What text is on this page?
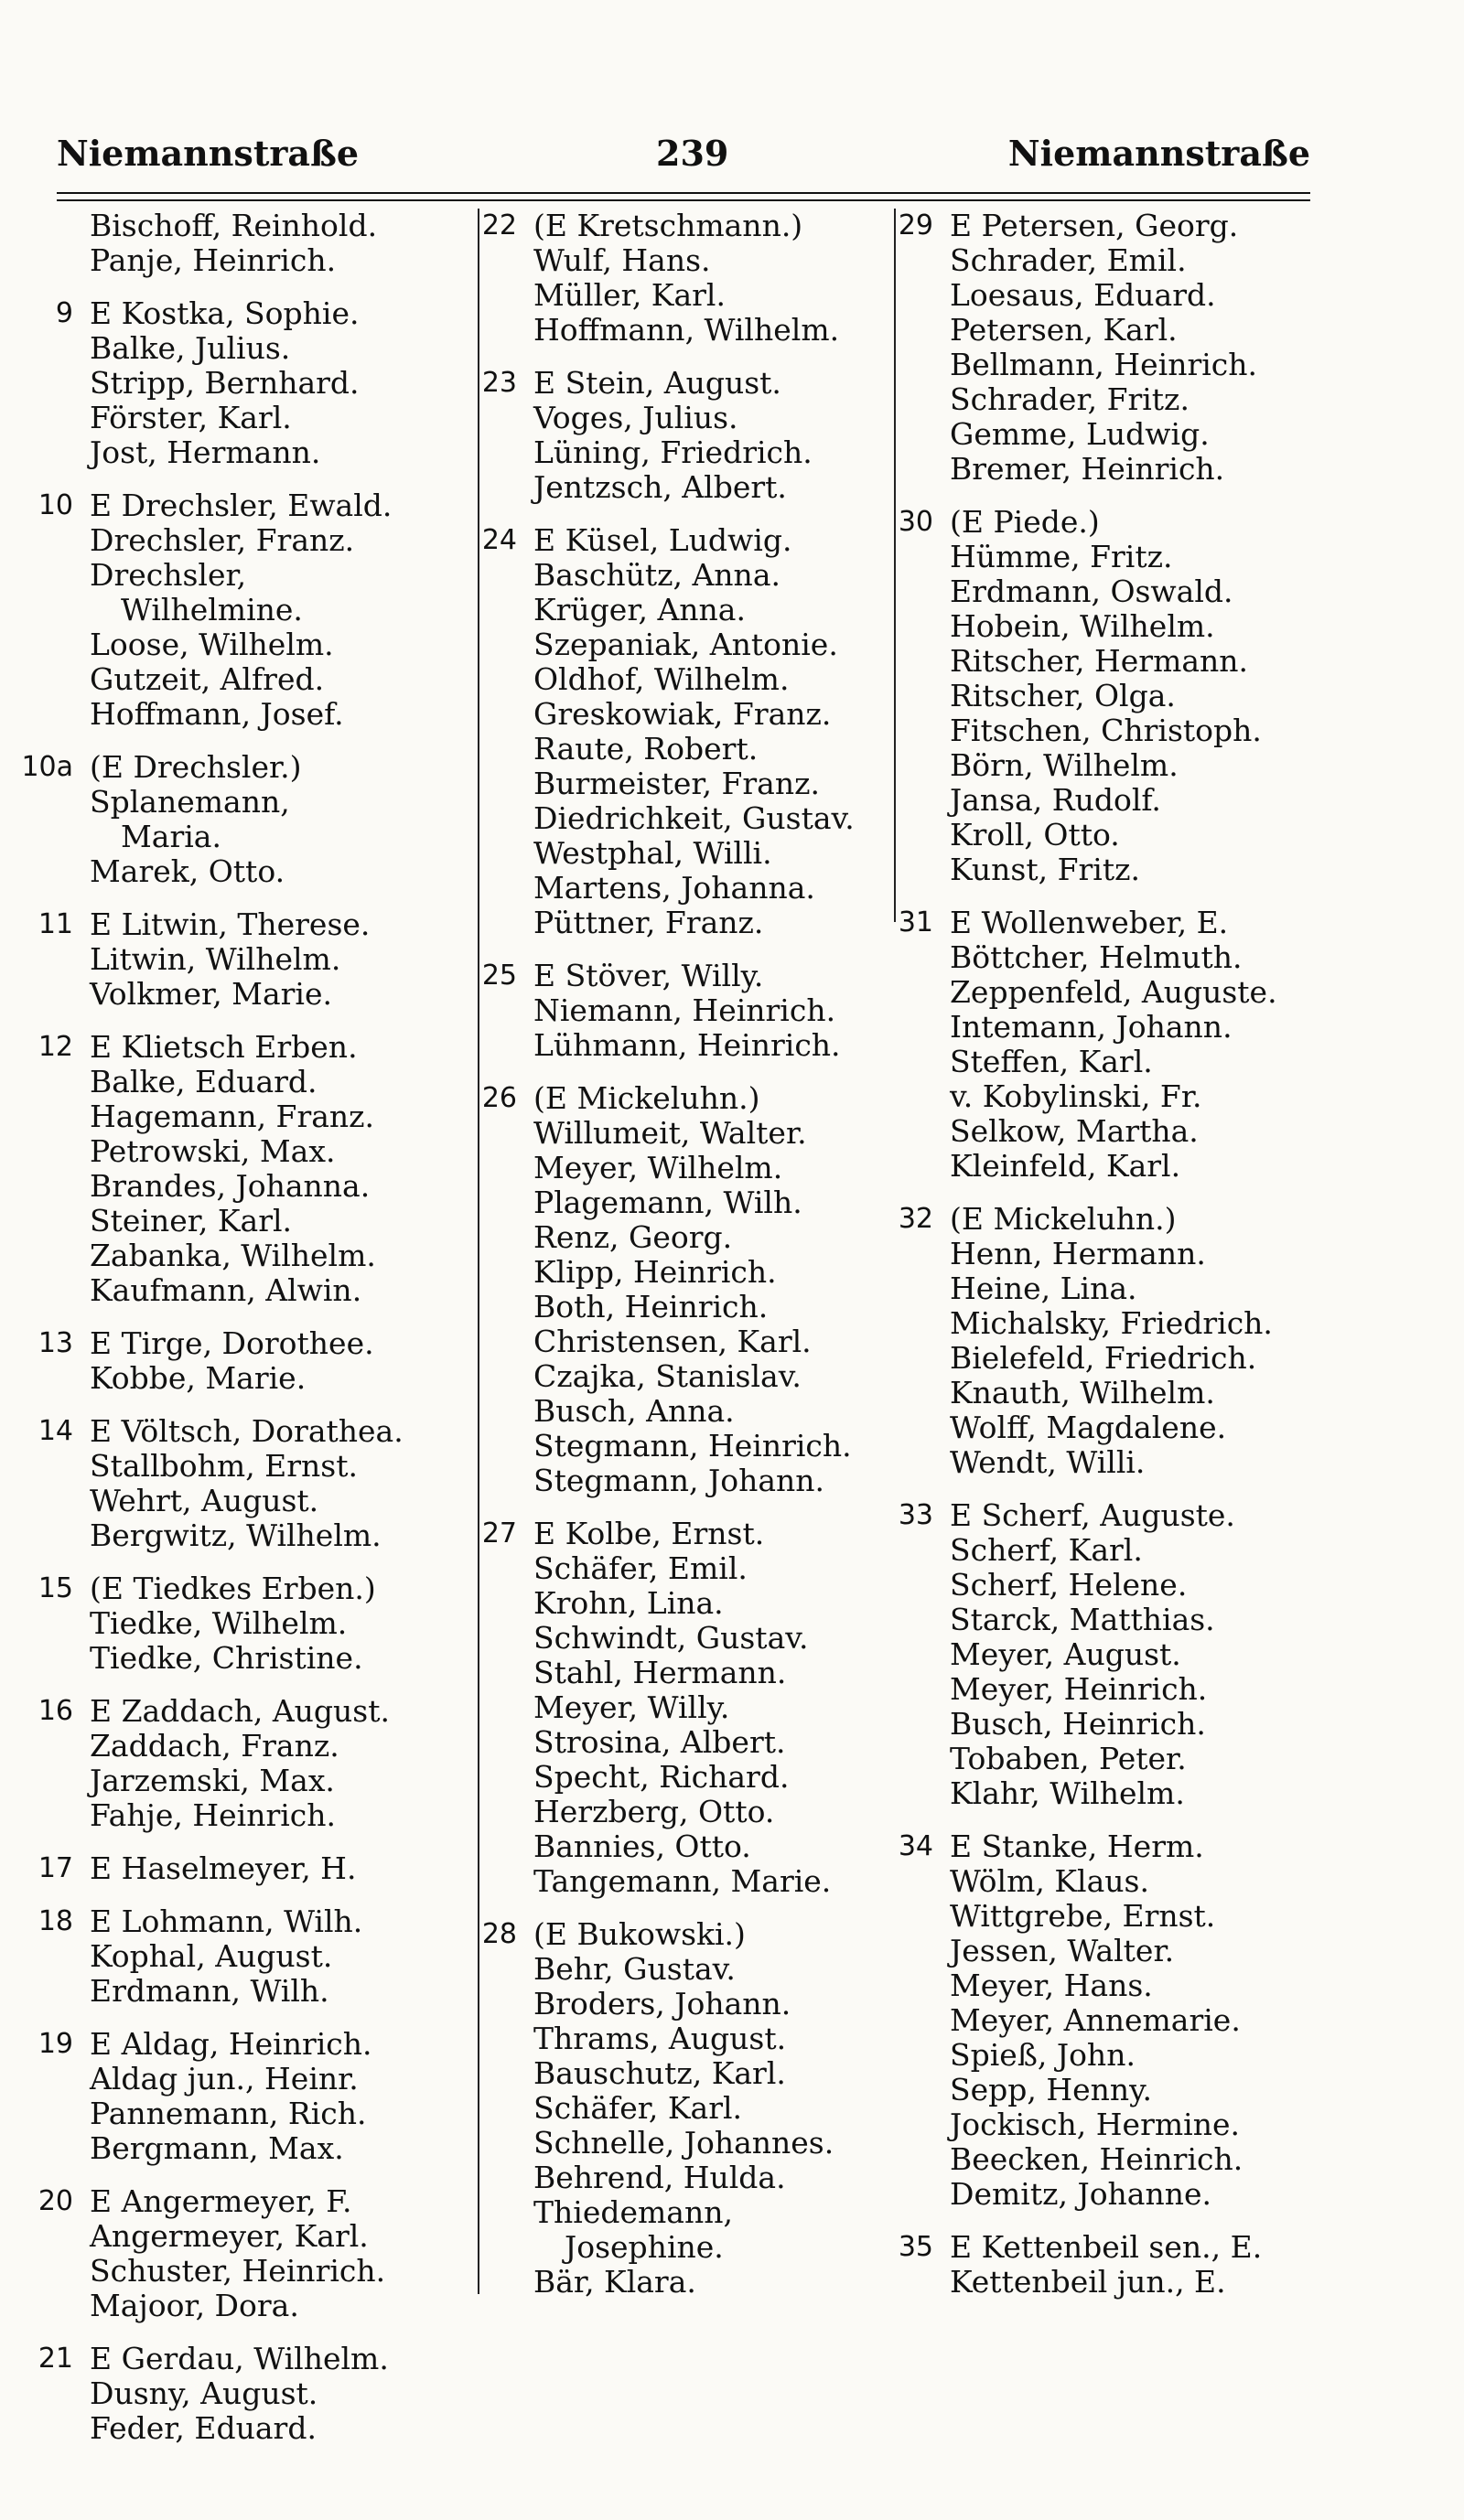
Niemannstraße	239	Niemannstraße
Bischoff, Reinhold.
Panje, Heinrich.
9 E Kostka, Sophie.
Balke, Julius.
Stripp, Bernhard.
Förster, Karl.
Jost, Hermann.
10 E Drechsler, Ewald.
Drechsler, Franz.
Drechsler,
Wilhelmine.
Loose, Wilhelm.
Gutzeit, Alfred.
Hoffmann, Josef.
10a (E Drechsler.)
Splanemann,
Maria.
Marek, Otto.
11 E Litwin, Therese.
Litwin, Wilhelm.
Volkmer, Marie.
12 E Klietsch Erben.
Balke, Eduard.
Hagemann, Franz.
Petrowski, Max.
Brandes, Johanna.
Steiner, Karl.
Zabanka, Wilhelm.
Kaufmann, Alwin.
13 E Tirge, Dorothee.
Kobbe, Marie.
14 E Völtsch, Dorathea.
Stallbohm, Ernst.
Wehrt, August.
Bergwitz, Wilhelm.
15 (E Tiedkes Erben.)
Tiedke, Wilhelm.
Tiedke, Christine.
16 E Zaddach, August.
Zaddach, Franz.
Jarzemski, Max.
Fahje, Heinrich.
17 E Haselmeyer, H.
18 E Lohmann, Wilh.
Kophal, August.
Erdmann, Wilh.
19 E Aldag, Heinrich.
Aldag jun., Heinr.
Pannemann, Rich.
Bergmann, Max.
20 E Angermeyer, F.
Angermeyer, Karl.
Schuster, Heinrich.
Majoor, Dora.
21 E Gerdau, Wilhelm.
Dusny, August.
Feder, Eduard.
22 (E Kretschmann.)
Wulf, Hans.
Müller, Karl.
Hoffmann, Wilhelm.
23 E Stein, August.
Voges, Julius.
Lüning, Friedrich.
Jentzsch, Albert.
24 E Küsel, Ludwig.
Baschütz, Anna.
Krüger, Anna.
Szepaniak, Antonie.
Oldhof, Wilhelm.
Greskowiak, Franz.
Raute, Robert.
Burmeister, Franz.
Diedrichkeit, Gustav.
Westphal, Willi.
Martens, Johanna.
Püttner, Franz.
25 E Stöver, Willy.
Niemann, Heinrich.
Lühmann, Heinrich.
26 (E Mickeluhn.)
Willumeit, Walter.
Meyer, Wilhelm.
Plagemann, Wilh.
Renz, Georg.
Klipp, Heinrich.
Both, Heinrich.
Christensen, Karl.
Czajka, Stanislav.
Busch, Anna.
Stegmann, Heinrich.
Stegmann, Johann.
27 E Kolbe, Ernst.
Schäfer, Emil.
Krohn, Lina.
Schwindt, Gustav.
Stahl, Hermann.
Meyer, Willy.
Strosina, Albert.
Specht, Richard.
Herzberg, Otto.
Bannies, Otto.
Tangemann, Marie.
28 (E Bukowski.)
Behr, Gustav.
Broders, Johann.
Thrams, August.
Bauschutz, Karl.
Schäfer, Karl.
Schnelle, Johannes.
Behrend, Hulda.
Thiedemann,
Josephine.
Bär, Klara.
29 E Petersen, Georg.
Schrader, Emil.
Loesaus, Eduard.
Petersen, Karl.
Bellmann, Heinrich.
Schrader, Fritz.
Gemme, Ludwig.
Bremer, Heinrich.
30 (E Piede.)
Hümme, Fritz.
Erdmann, Oswald.
Hobein, Wilhelm.
Ritscher, Hermann.
Ritscher, Olga.
Fitschen, Christoph.
Börn, Wilhelm.
Jansa, Rudolf.
Kroll, Otto.
Kunst, Fritz.
31 E Wollenweber, E.
Böttcher, Helmuth.
Zeppenfeld, Auguste.
Intemann, Johann.
Steffen, Karl.
v. Kobylinski, Fr.
Selkow, Martha.
Kleinfeld, Karl.
32 (E Mickeluhn.)
Henn, Hermann.
Heine, Lina.
Michalsky, Friedrich.
Bielefeld, Friedrich.
Knauth, Wilhelm.
Wolff, Magdalene.
Wendt, Willi.
33 E Scherf, Auguste.
Scherf, Karl.
Scherf, Helene.
Starck, Matthias.
Meyer, August.
Meyer, Heinrich.
Busch, Heinrich.
Tobaben, Peter.
Klahr, Wilhelm.
34 E Stanke, Herm.
Wölm, Klaus.
Wittgrebe, Ernst.
Jessen, Walter.
Meyer, Hans.
Meyer, Annemarie.
Spieß, John.
Sepp, Henny.
Jockisch, Hermine.
Beecken, Heinrich.
Demitz, Johanne.
35 E Kettenbeil sen., E.
Kettenbeil jun., E.
